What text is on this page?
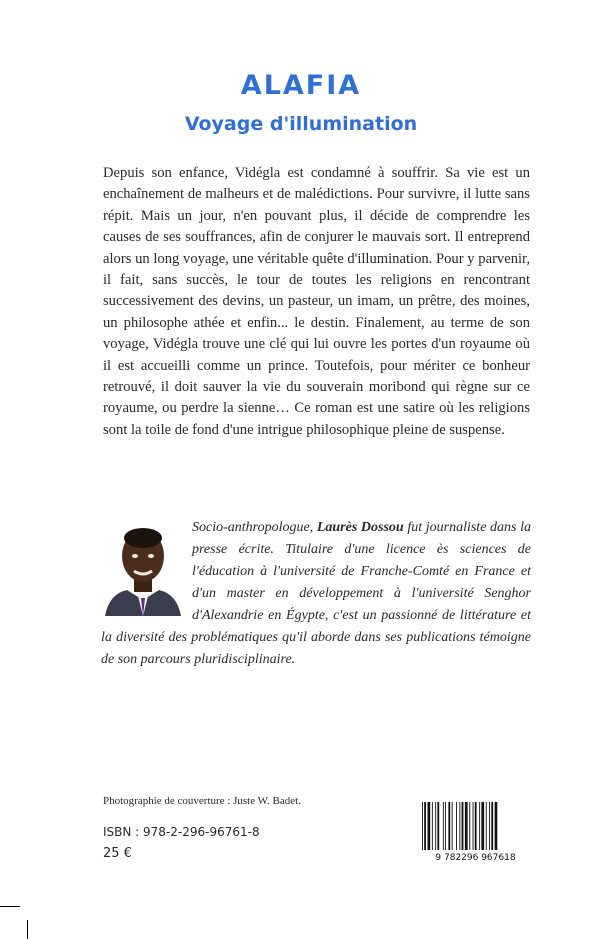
ALAFIA
Voyage d'illumination

Depuis son enfance, Vidégla est condamné à souffrir. Sa vie est un enchaînement de malheurs et de malédictions. Pour survivre, il lutte sans répit. Mais un jour, n'en pouvant plus, il décide de comprendre les causes de ses souffrances, afin de conjurer le mauvais sort. Il entreprend alors un long voyage, une véritable quête d'illumination. Pour y parvenir, il fait, sans succès, le tour de toutes les religions en rencontrant successivement des devins, un pasteur, un imam, un prêtre, des moines, un philosophe athée et enfin... le destin. Finalement, au terme de son voyage, Vidégla trouve une clé qui lui ouvre les portes d'un royaume où il est accueilli comme un prince. Toutefois, pour mériter ce bonheur retrouvé, il doit sauver la vie du souverain moribond qui règne sur ce royaume, ou perdre la sienne… Ce roman est une satire où les religions sont la toile de fond d'une intrigue philosophique pleine de suspense.

Socio-anthropologue, Laurès Dossou fut journaliste dans la presse écrite. Titulaire d'une licence ès sciences de l'éducation à l'université de Franche-Comté en France et d'un master en développement à l'université Senghor d'Alexandrie en Égypte, c'est un passionné de littérature et la diversité des problématiques qu'il aborde dans ses publications témoigne de son parcours pluridisciplinaire.

Photographie de couverture : Juste W. Badet.

ISBN : 978-2-296-96761-8

25 €	9 782296 967618
